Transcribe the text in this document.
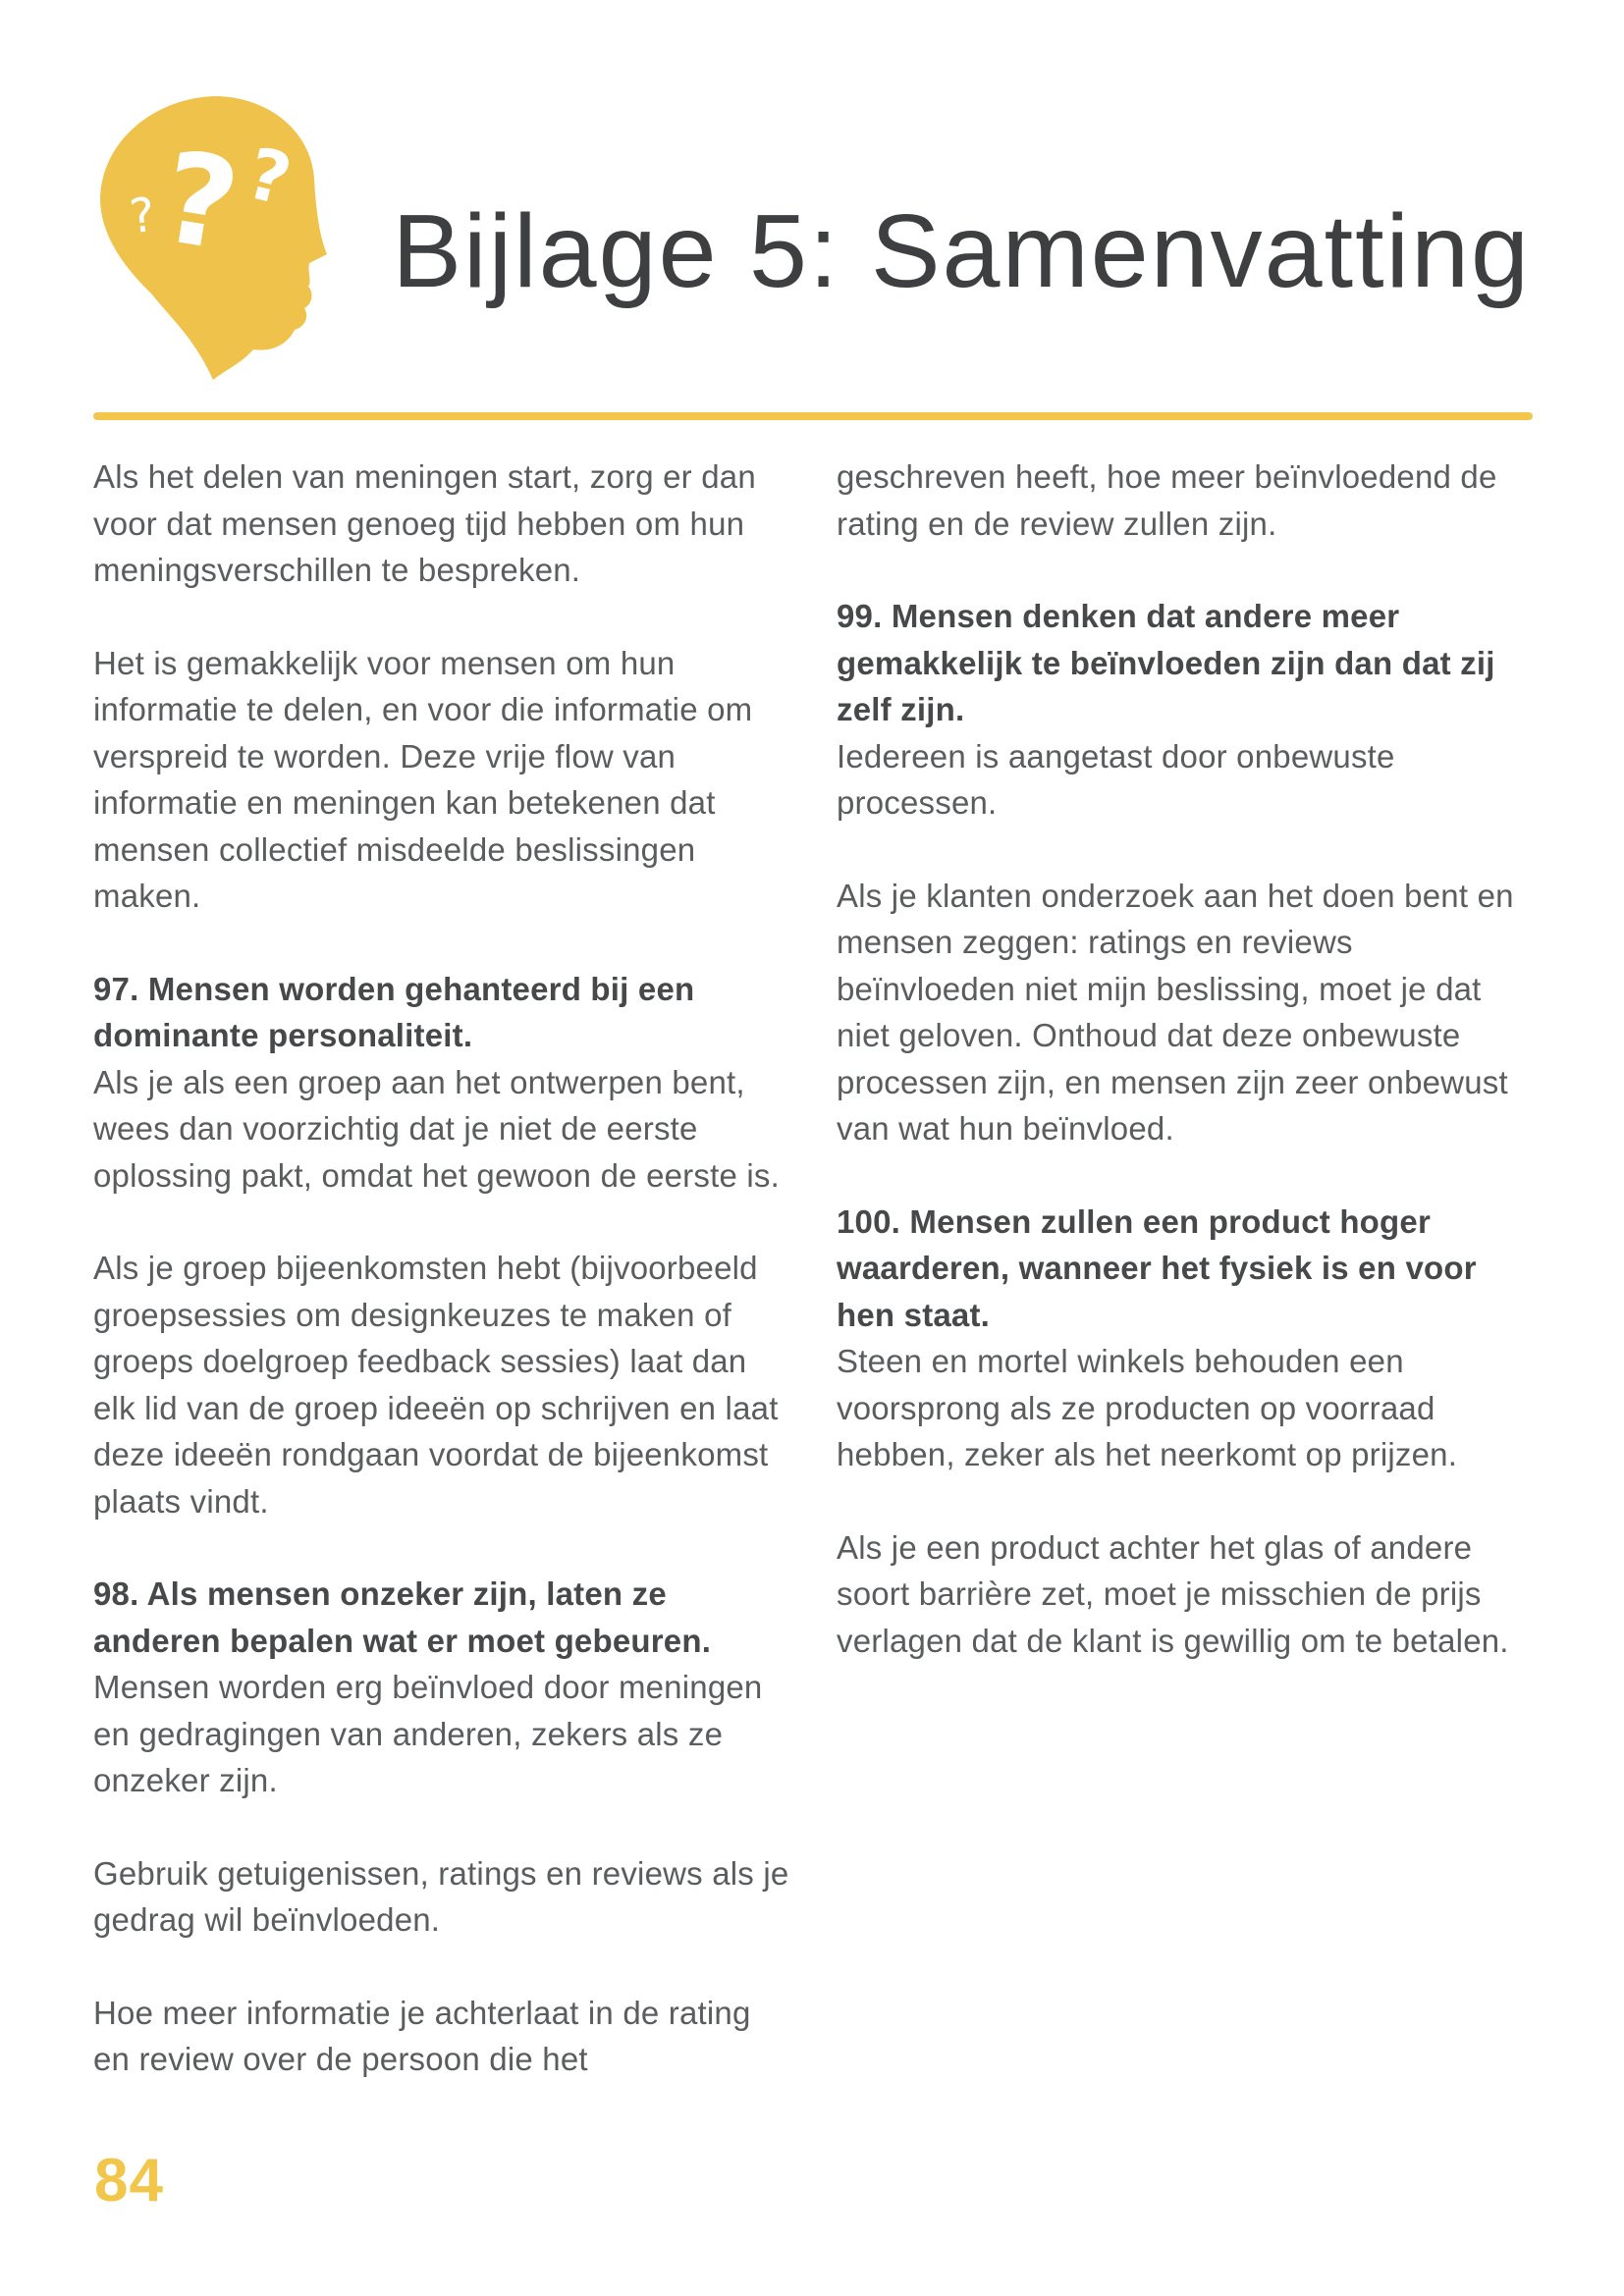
?
?
? Bijlage 5: Samenvatting

Als het delen van meningen start, zorg er dan voor dat mensen genoeg tijd hebben om hun meningsverschillen te bespreken.

Het is gemakkelijk voor mensen om hun informatie te delen, en voor die informatie om verspreid te worden. Deze vrije flow van informatie en meningen kan betekenen dat mensen collectief misdeelde beslissingen maken.

97. Mensen worden gehanteerd bij een dominante personaliteit.

Als je als een groep aan het ontwerpen bent, wees dan voorzichtig dat je niet de eerste oplossing pakt, omdat het gewoon de eerste is.

Als je groep bijeenkomsten hebt (bijvoorbeeld groepsessies om designkeuzes te maken of groeps doelgroep feedback sessies) laat dan elk lid van de groep ideeën op schrijven en laat deze ideeën rondgaan voordat de bijeenkomst plaats vindt.

98. Als mensen onzeker zijn, laten ze anderen bepalen wat er moet gebeuren.

Mensen worden erg beïnvloed door meningen en gedragingen van anderen, zekers als ze onzeker zijn.

Gebruik getuigenissen, ratings en reviews als je gedrag wil beïnvloeden.

Hoe meer informatie je achterlaat in de rating en review over de persoon die het

geschreven heeft, hoe meer beïnvloedend de rating en de review zullen zijn.

99. Mensen denken dat andere meer gemakkelijk te beïnvloeden zijn dan dat zij zelf zijn.

Iedereen is aangetast door onbewuste processen.

Als je klanten onderzoek aan het doen bent en mensen zeggen: ratings en reviews beïnvloeden niet mijn beslissing, moet je dat niet geloven. Onthoud dat deze onbewuste processen zijn, en mensen zijn zeer onbewust van wat hun beïnvloed.

100. Mensen zullen een product hoger waarderen, wanneer het fysiek is en voor hen staat.

Steen en mortel winkels behouden een voorsprong als ze producten op voorraad hebben, zeker als het neerkomt op prijzen.

Als je een product achter het glas of andere soort barrière zet, moet je misschien de prijs verlagen dat de klant is gewillig om te betalen.

84
